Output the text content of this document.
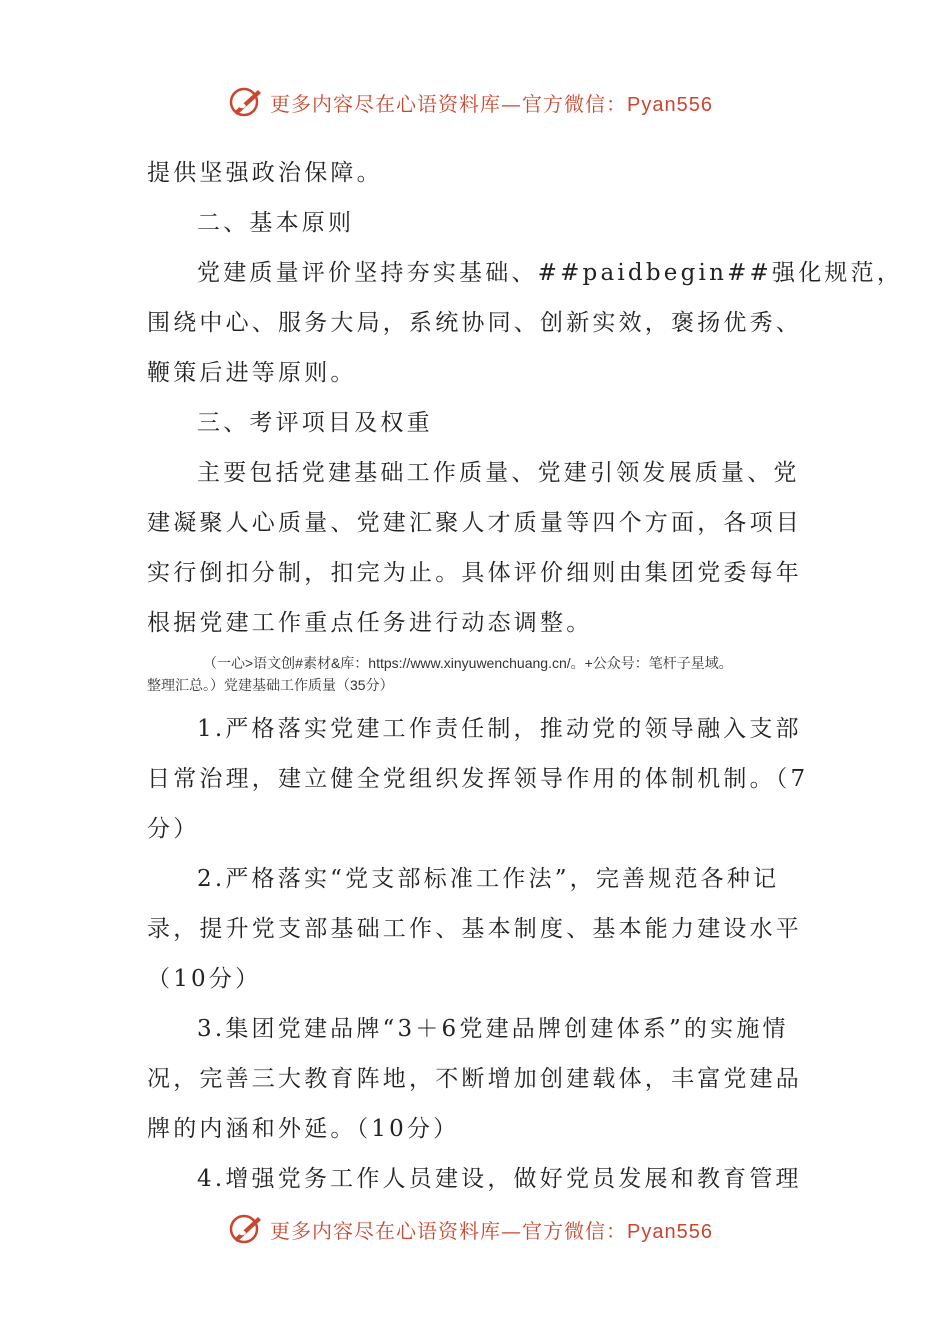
更多内容尽在心语资料库—官方微信：Pyan556

提供坚强政治保障。

二、基本原则

党建质量评价坚持夯实基础、##paidbegin##强化规范，

围绕中心、服务大局，系统协同、创新实效，褒扬优秀、

鞭策后进等原则。

三、考评项目及权重

主要包括党建基础工作质量、党建引领发展质量、党

建凝聚人心质量、党建汇聚人才质量等四个方面，各项目

实行倒扣分制，扣完为止。具体评价细则由集团党委每年

根据党建工作重点任务进行动态调整。

（一心>语文创#素材&库：https://www.xinyuwenchuang.cn/。+公众号：笔杆子星域。
整理汇总。）党建基础工作质量（35分）

1.严格落实党建工作责任制，推动党的领导融入支部

日常治理，建立健全党组织发挥领导作用的体制机制。（7

分）

2.严格落实“党支部标准工作法”，完善规范各种记

录，提升党支部基础工作、基本制度、基本能力建设水平

（10分）

3.集团党建品牌“3＋6党建品牌创建体系”的实施情

况，完善三大教育阵地，不断增加创建载体，丰富党建品

牌的内涵和外延。（10分）

4.增强党务工作人员建设，做好党员发展和教育管理

更多内容尽在心语资料库—官方微信：Pyan556
